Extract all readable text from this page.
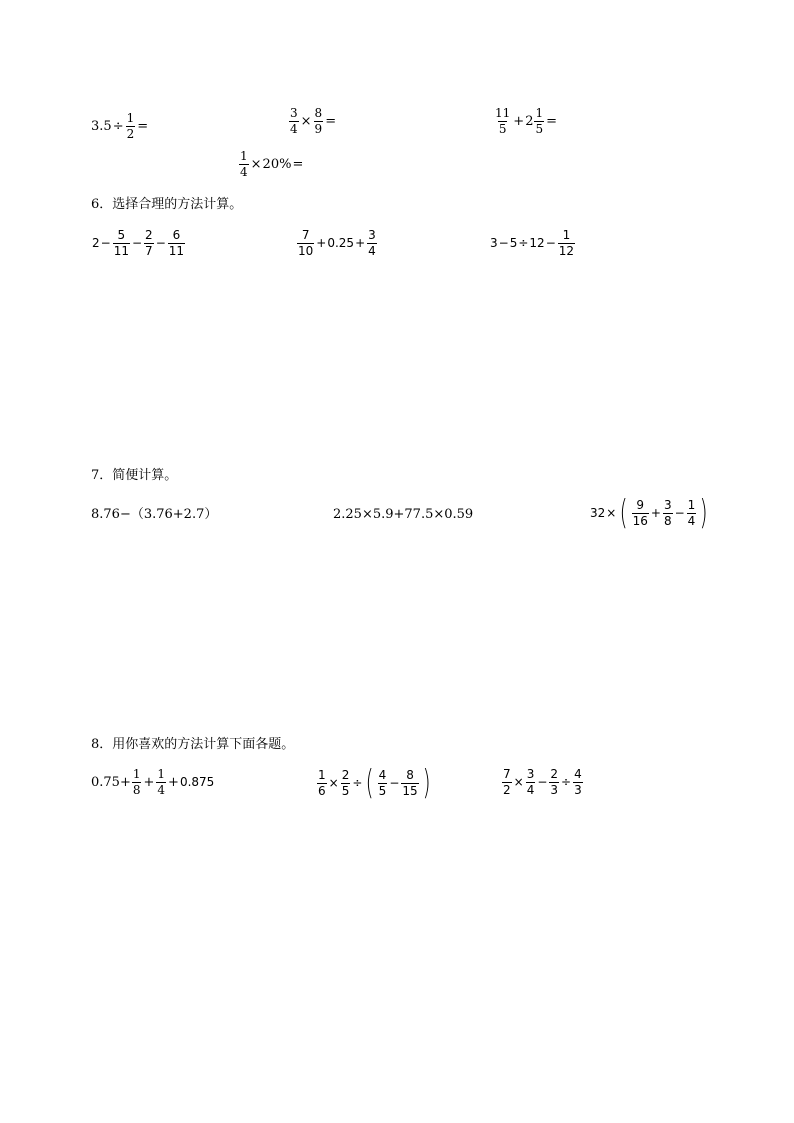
$3.5 \div \frac{1}{2}$ =	$\frac{3}{4} \times \frac{8}{9}$ =	$\frac{11}{5} + 2 \frac{1}{5}$ =
$\frac{1}{4} \times 20\%$ =
6．选择合理的方法计算。
$2 - \frac{5}{11} - \frac{2}{7} - \frac{6}{11}$	$\frac{7}{10} + 0.25 + \frac{3}{4}$	$3 - 5 \div 12 - \frac{1}{12}$
7．简便计算。
8.76−（3.76+2.7）	2.25×5.9+77.5×0.59	32 × ( $\frac{9}{16} + \frac{3}{8} - \frac{1}{4}$ )
8．用你喜欢的方法计算下面各题。
$0.75+ \frac{1}{8} + \frac{1}{4} + 0.875$	$\frac{1}{6} \times \frac{2}{5}$ ÷ ( $\frac{4}{5} - \frac{8}{15}$ )	$\frac{7}{2} \times \frac{3}{4} - \frac{2}{3} \div \frac{4}{3}$
